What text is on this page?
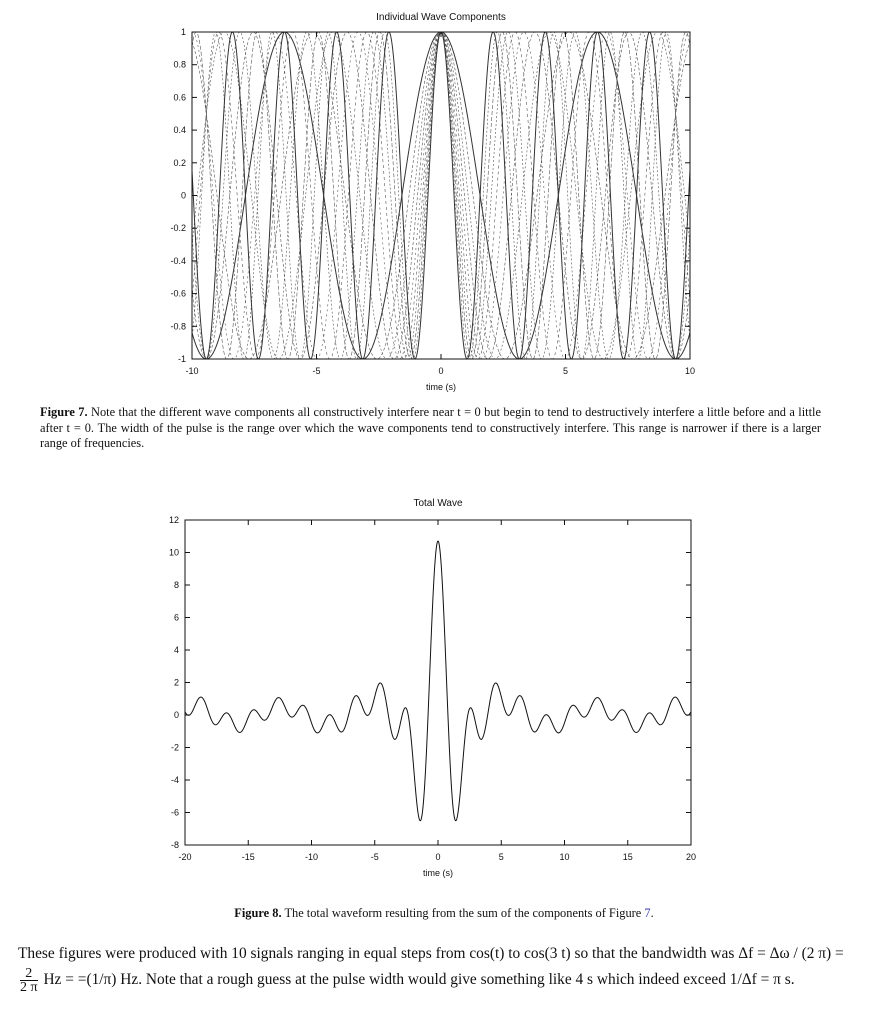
Individual Wave Components
-10	-5	0	5	10
1
0.8
0.6
0.4
0.2
0
-0.2
-0.4
-0.6
-0.8
-1
time (s)
Figure 7. Note that the different wave components all constructively interfere near t = 0 but begin to tend to destructively interfere a little before and a little after t = 0. The width of the pulse is the range over which the wave components tend to constructively interfere. This range is narrower if there is a larger range of frequencies.
Total Wave
-20	-15	-10	-5	0	5	10	15	20
12
10
8
6
4
2
0
-2
-4
-6
-8
time (s)
Figure 8. The total waveform resulting from the sum of the components of Figure 7.
These figures were produced with 10 signals ranging in equal steps from cos(t) to cos(3 t) so that the bandwidth was Δf = Δω / (2 π) =
$\frac{2}{2 \pi}$ Hz = =(1/π) Hz. Note that a rough guess at the pulse width would give something like 4 s which indeed exceed 1/Δf = π s.
